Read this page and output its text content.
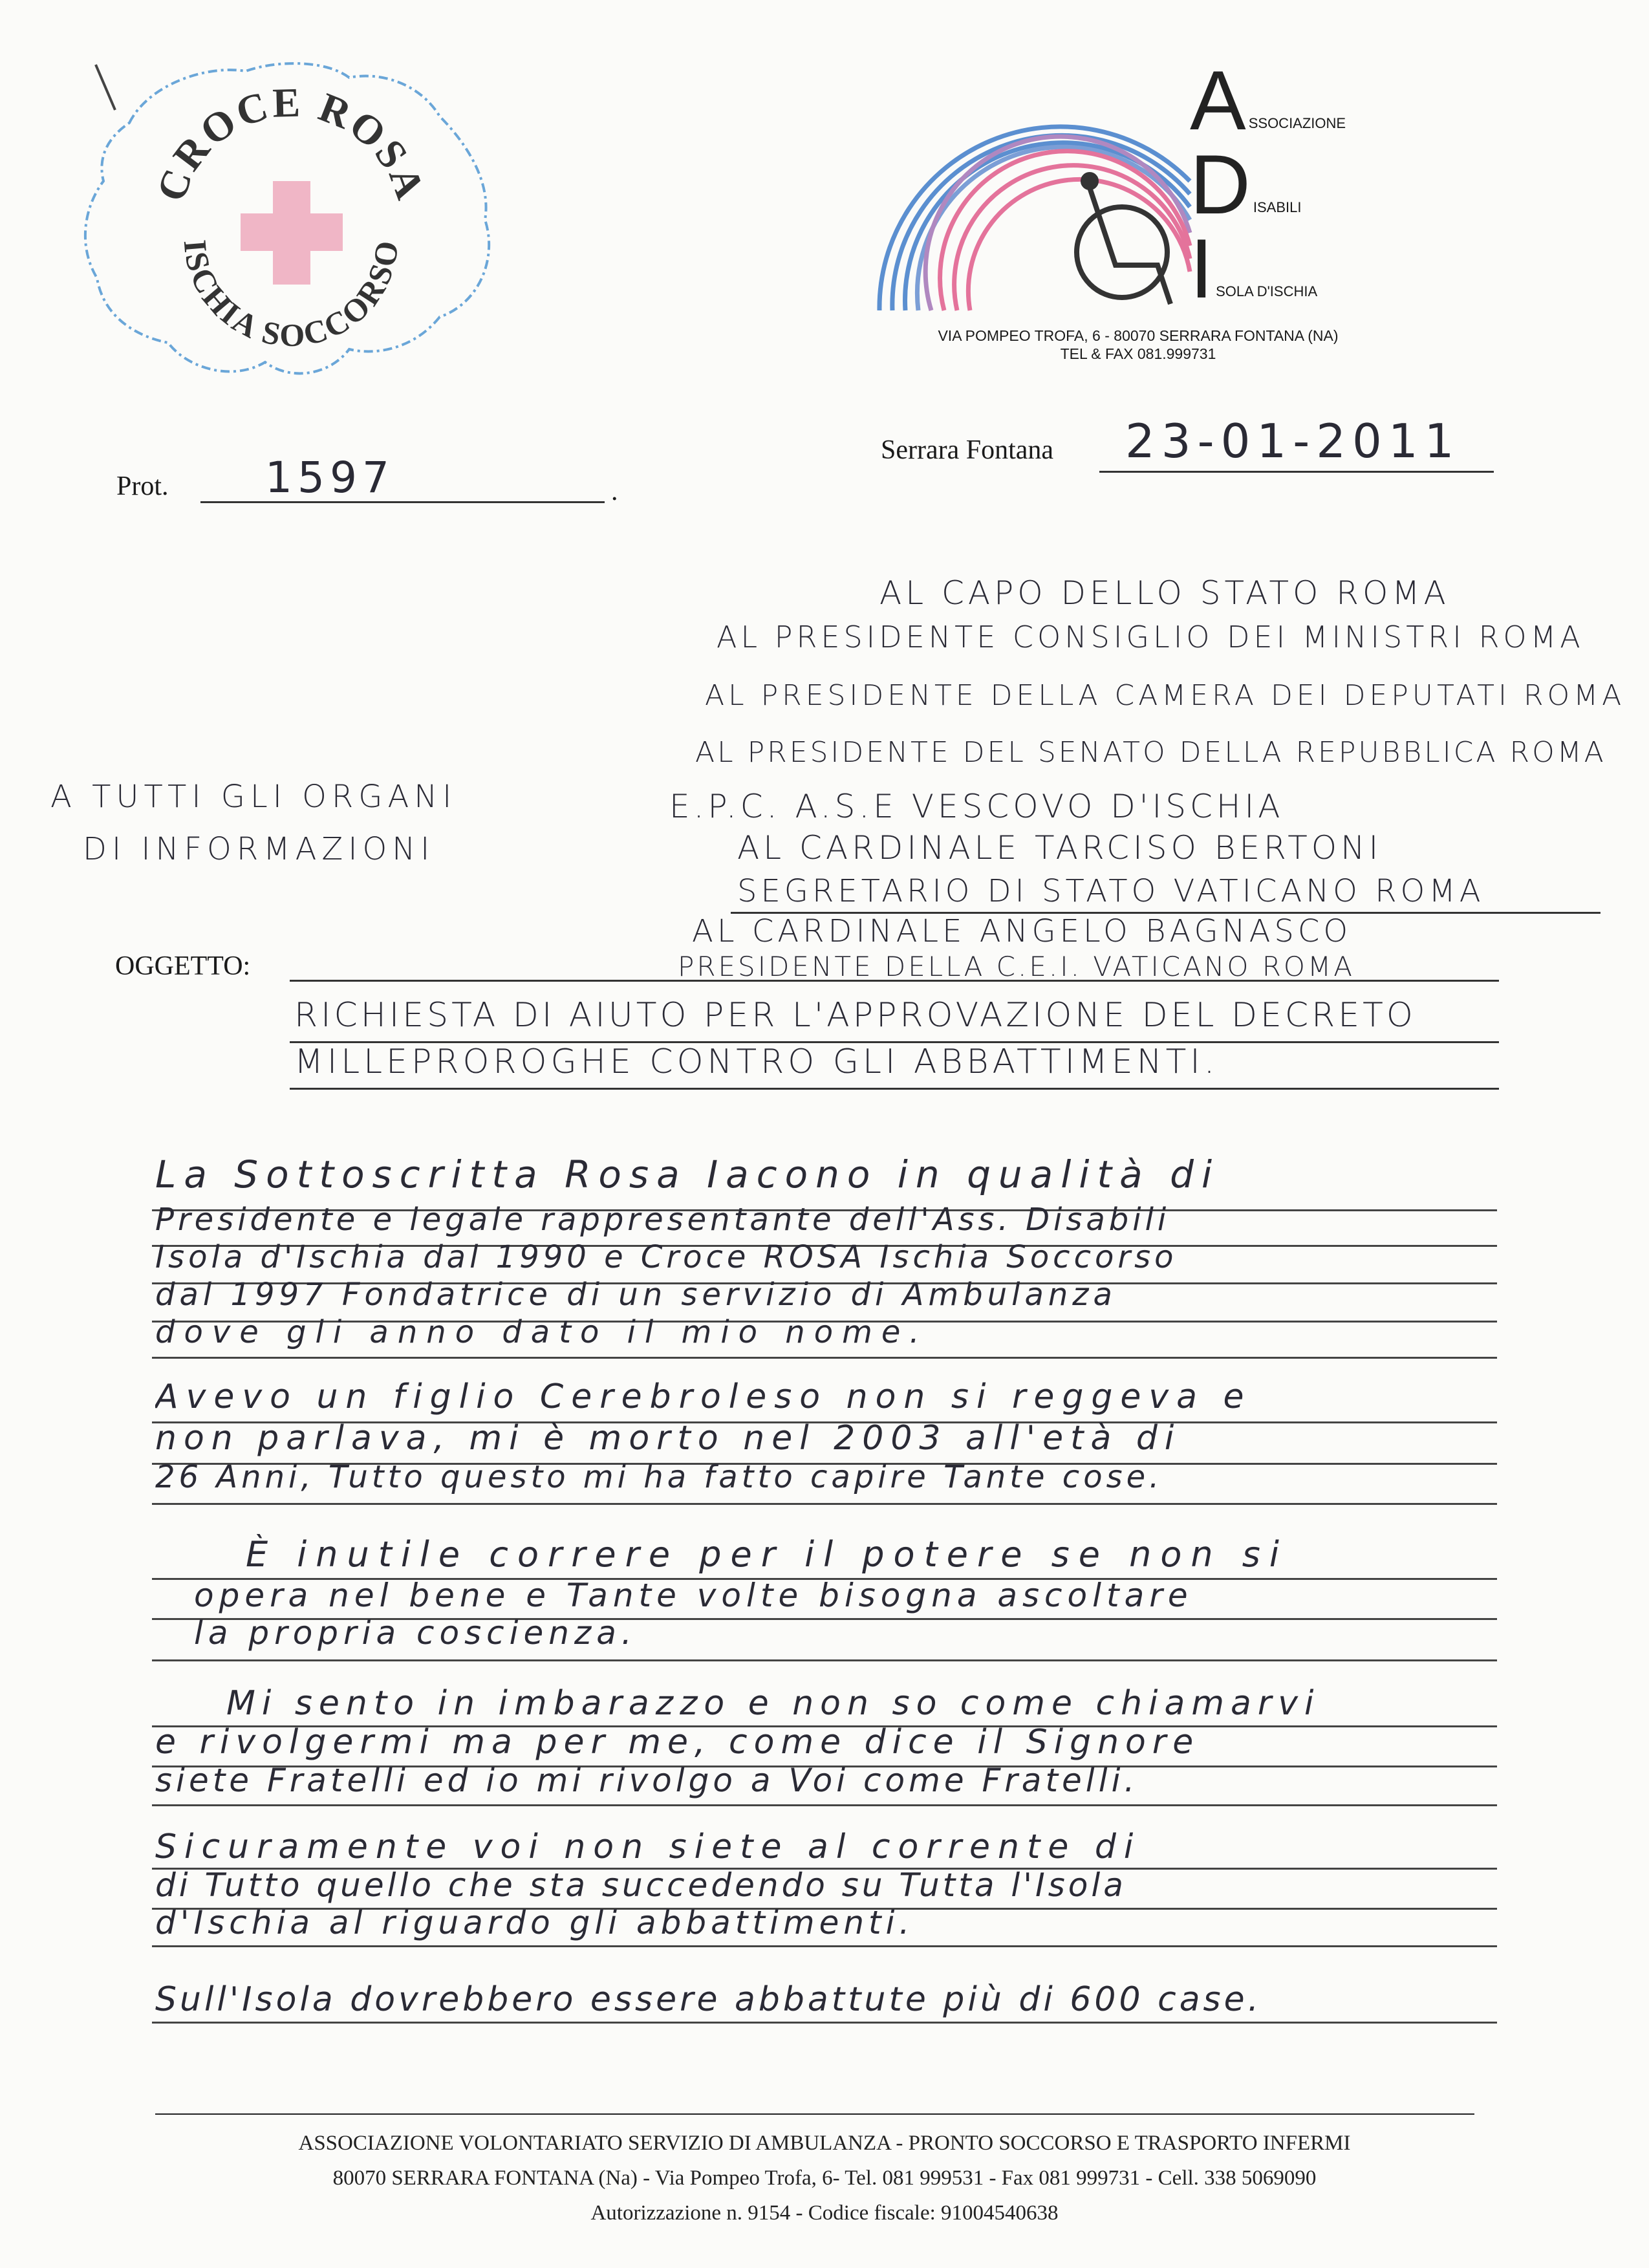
CROCE ROSA
ISCHIA SOCCORSO
A SSOCIAZIONE
D ISABILI
I SOLA D'ISCHIA
VIA POMPEO TROFA, 6 - 80070 SERRARA FONTANA (NA)
TEL & FAX 081.999731
Serrara Fontana 23-01-2011
Prot. 1597	.
AL CAPO DELLO STATO ROMA
AL PRESIDENTE CONSIGLIO DEI MINISTRI ROMA
AL PRESIDENTE DELLA CAMERA DEI DEPUTATI ROMA
AL PRESIDENTE DEL SENATO DELLA REPUBBLICA ROMA
E.P.C. A.S.E VESCOVO D'ISCHIA
AL CARDINALE TARCISO BERTONI
SEGRETARIO DI STATO VATICANO ROMA
AL CARDINALE ANGELO BAGNASCO
PRESIDENTE DELLA C.E.I. VATICANO ROMA
A TUTTI GLI ORGANI
DI INFORMAZIONI
OGGETTO:
RICHIESTA DI AIUTO PER L'APPROVAZIONE DEL DECRETO
MILLEPROROGHE CONTRO GLI ABBATTIMENTI.
La Sottoscritta Rosa Iacono in qualità di
Presidente e legale rappresentante dell'Ass. Disabili
Isola d'Ischia dal 1990 e Croce ROSA Ischia Soccorso
dal 1997 Fondatrice di un servizio di Ambulanza
dove gli anno dato il mio nome.
Avevo un figlio Cerebroleso non si reggeva e
non parlava, mi è morto nel 2003 all'età di
26 Anni, Tutto questo mi ha fatto capire Tante cose.
È inutile correre per il potere se non si
opera nel bene e Tante volte bisogna ascoltare
la propria coscienza.
Mi sento in imbarazzo e non so come chiamarvi
e rivolgermi ma per me, come dice il Signore
siete Fratelli ed io mi rivolgo a Voi come Fratelli.
Sicuramente voi non siete al corrente di
di Tutto quello che sta succedendo su Tutta l'Isola
d'Ischia al riguardo gli abbattimenti.
Sull'Isola dovrebbero essere abbattute più di 600 case.
ASSOCIAZIONE VOLONTARIATO SERVIZIO DI AMBULANZA - PRONTO SOCCORSO E TRASPORTO INFERMI
80070 SERRARA FONTANA (Na) - Via Pompeo Trofa, 6- Tel. 081 999531 - Fax 081 999731 - Cell. 338 5069090
Autorizzazione n. 9154 - Codice fiscale: 91004540638
